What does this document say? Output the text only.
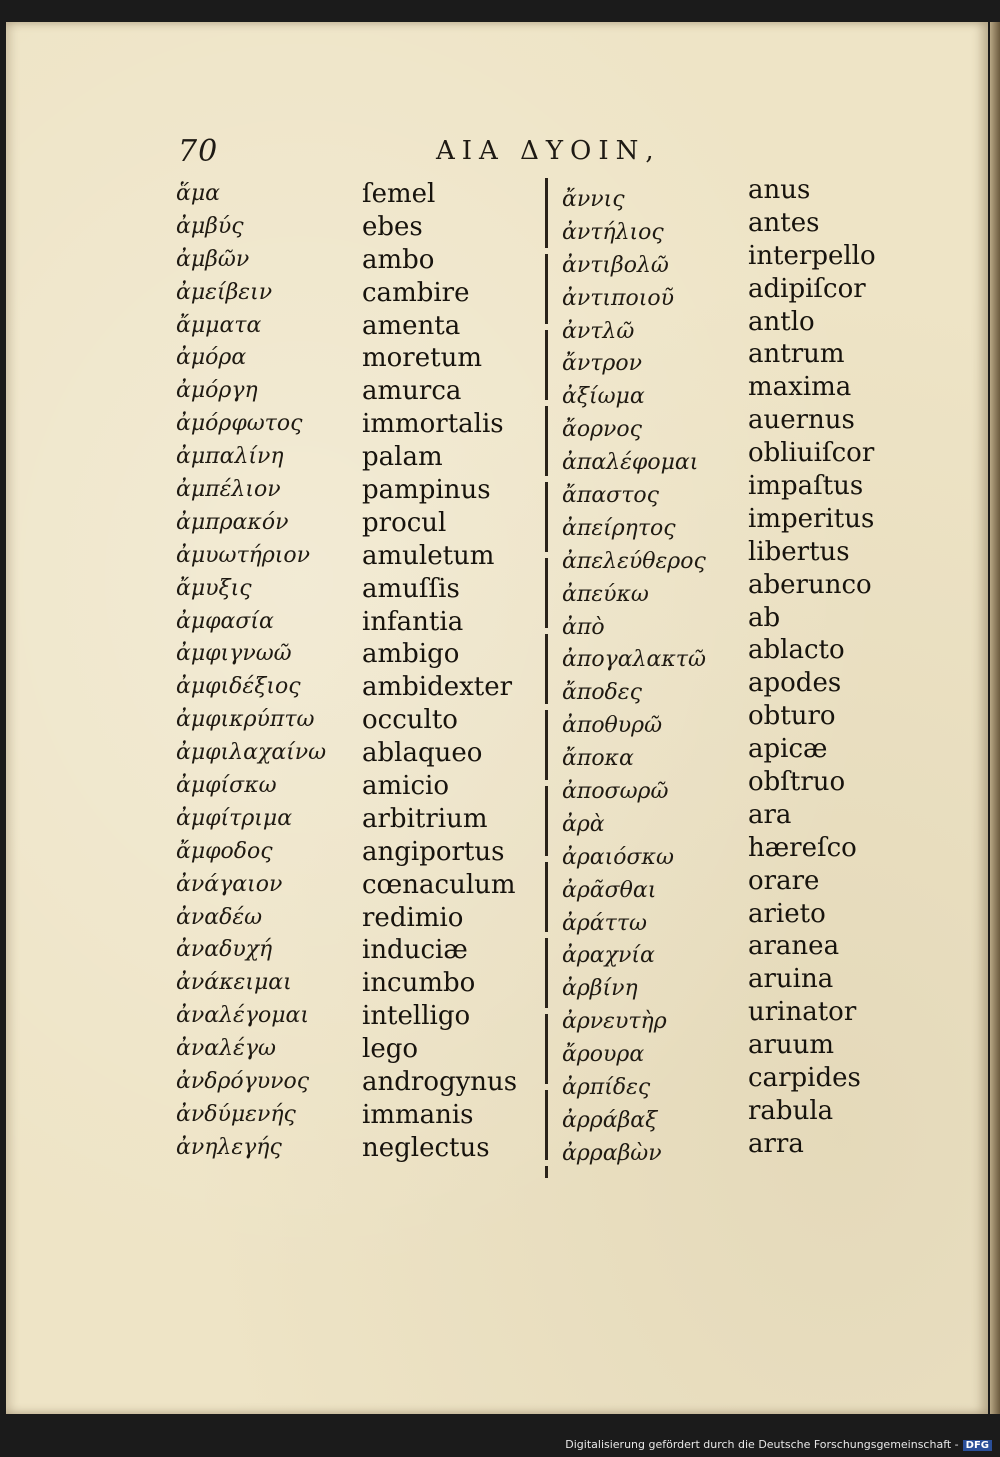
70	ΑΙΑ ΔΥΟΙΝ,
ἅμα
ἀμβύς
ἀμβῶν
ἀμείβειν
ἄμματα
ἀμόρα
ἀμόργη
ἀμόρφωτος
ἀμπαλίνη
ἀμπέλιον
ἀμπρακόν
ἀμυωτήριον
ἄμυξις
ἀμφασία
ἀμφιγνωῶ
ἀμφιδέξιος
ἀμφικρύπτω
ἀμφιλαχαίνω
ἀμφίσκω
ἀμφίτριμα
ἄμφοδος
ἀνάγαιον
ἀναδέω
ἀναδυχή
ἀνάκειμαι
ἀναλέγομαι
ἀναλέγω
ἀνδρόγυνος
ἀνδύμενής
ἀνηλεγής
ſemel
ebes
ambo
cambire
amenta
moretum
amurca
immortalis
palam
pampinus
procul
amuletum
amuſſis
infantia
ambigo
ambidexter
occulto
ablaqueo
amicio
arbitrium
angiportus
cœnaculum
redimio
induciæ
incumbo
intelligo
lego
androgynus
immanis
neglectus
ἄννις
ἀντήλιος
ἀντιβολῶ
ἀντιποιοῦ
ἀντλῶ
ἄντρον
ἀξίωμα
ἄορνος
ἀπαλέφομαι
ἄπαστος
ἀπείρητος
ἀπελεύθερος
ἀπεύκω
ἀπὸ
ἀπογαλακτῶ
ἄποδες
ἀποθυρῶ
ἄποκα
ἀποσωρῶ
ἀρὰ
ἀραιόσκω
ἀρᾶσθαι
ἀράττω
ἀραχνία
ἀρβίνη
ἀρνευτὴρ
ἄρουρα
ἀρπίδες
ἀρράβαξ
ἀρραβὼν
anus
antes
interpello
adipiſcor
antlo
antrum
maxima
auernus
obliuiſcor
impaſtus
imperitus
libertus
aberunco
ab
ablacto
apodes
obturo
apicæ
obſtruo
ara
hæreſco
orare
arieto
aranea
aruina
urinator
aruum
carpides
rabula
arra
Digitalisierung gefördert durch die Deutsche Forschungsgemeinschaft - DFG
